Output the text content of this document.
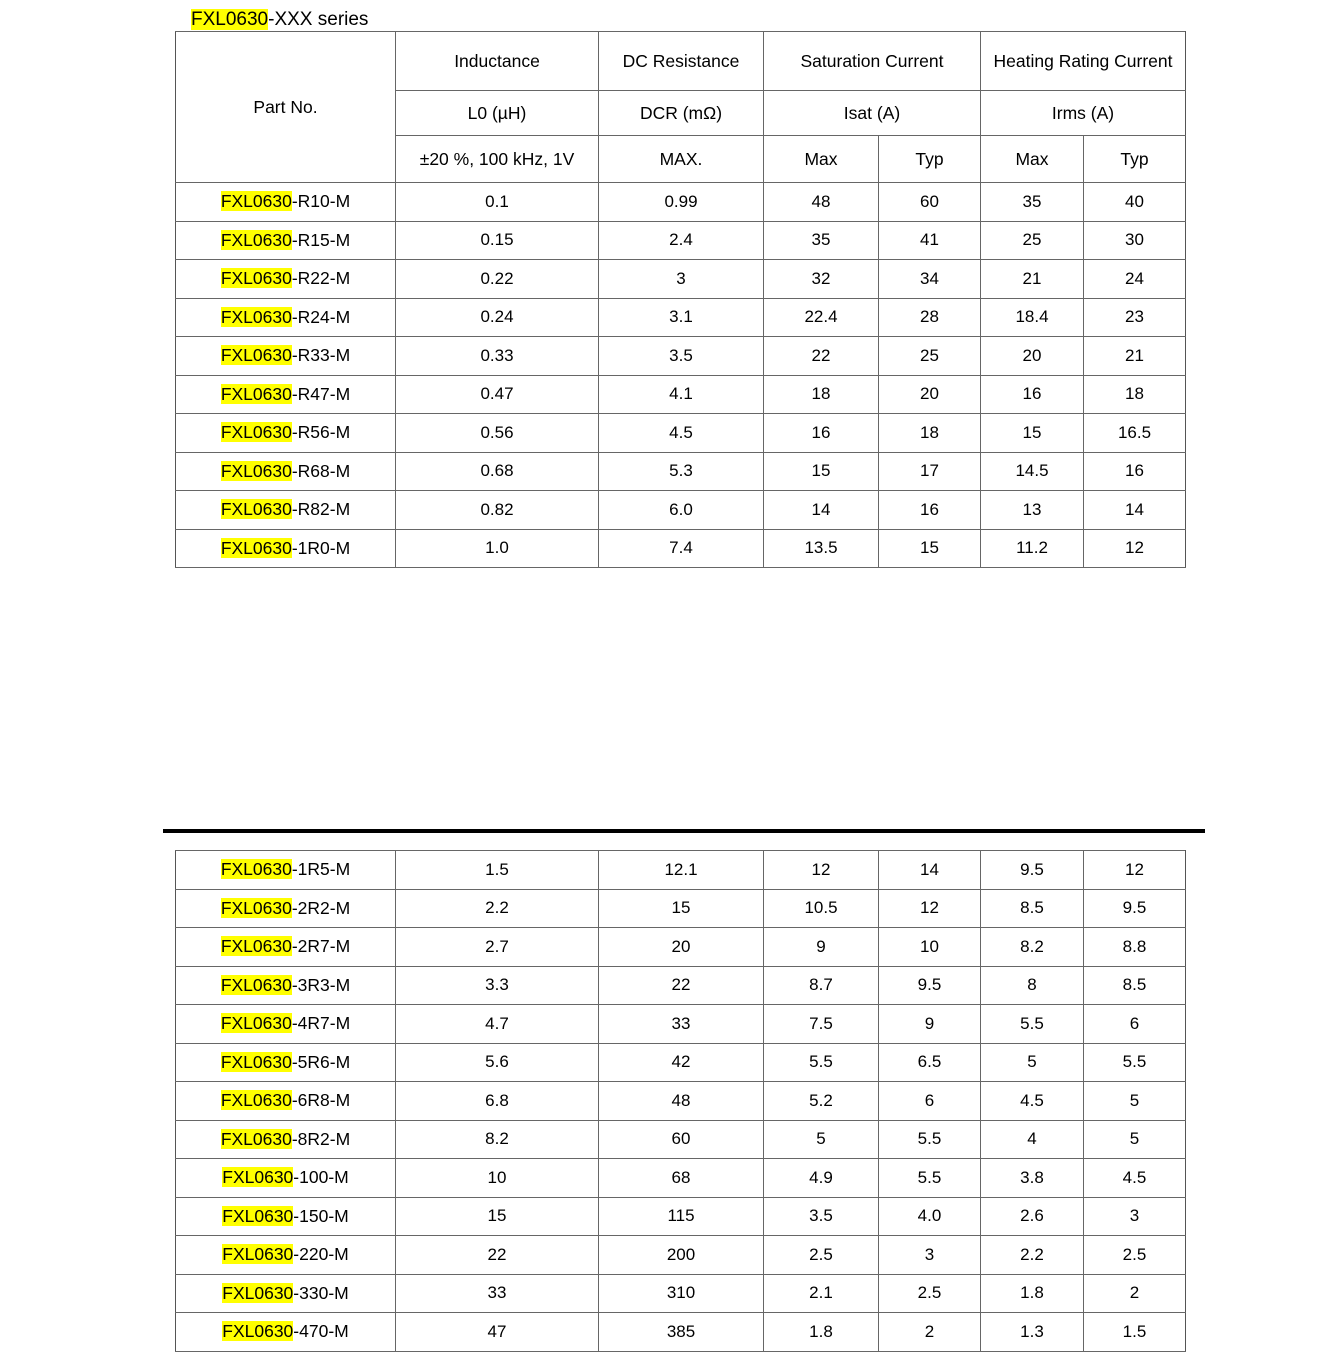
FXL0630-XXX series
Part No.	Inductance	DC Resistance	Saturation Current		Heating Rating Current	
	L0 (µH)	DCR (mΩ)	Isat (A)		Irms (A)	
	±20 %, 100 kHz, 1V	MAX.	Max	Typ	Max	Typ
FXL0630-R10-M	0.1	0.99	48	60	35	40
FXL0630-R15-M	0.15	2.4	35	41	25	30
FXL0630-R22-M	0.22	3	32	34	21	24
FXL0630-R24-M	0.24	3.1	22.4	28	18.4	23
FXL0630-R33-M	0.33	3.5	22	25	20	21
FXL0630-R47-M	0.47	4.1	18	20	16	18
FXL0630-R56-M	0.56	4.5	16	18	15	16.5
FXL0630-R68-M	0.68	5.3	15	17	14.5	16
FXL0630-R82-M	0.82	6.0	14	16	13	14
FXL0630-1R0-M	1.0	7.4	13.5	15	11.2	12
FXL0630-1R5-M	1.5	12.1	12	14	9.5	12
FXL0630-2R2-M	2.2	15	10.5	12	8.5	9.5
FXL0630-2R7-M	2.7	20	9	10	8.2	8.8
FXL0630-3R3-M	3.3	22	8.7	9.5	8	8.5
FXL0630-4R7-M	4.7	33	7.5	9	5.5	6
FXL0630-5R6-M	5.6	42	5.5	6.5	5	5.5
FXL0630-6R8-M	6.8	48	5.2	6	4.5	5
FXL0630-8R2-M	8.2	60	5	5.5	4	5
FXL0630-100-M	10	68	4.9	5.5	3.8	4.5
FXL0630-150-M	15	115	3.5	4.0	2.6	3
FXL0630-220-M	22	200	2.5	3	2.2	2.5
FXL0630-330-M	33	310	2.1	2.5	1.8	2
FXL0630-470-M	47	385	1.8	2	1.3	1.5
